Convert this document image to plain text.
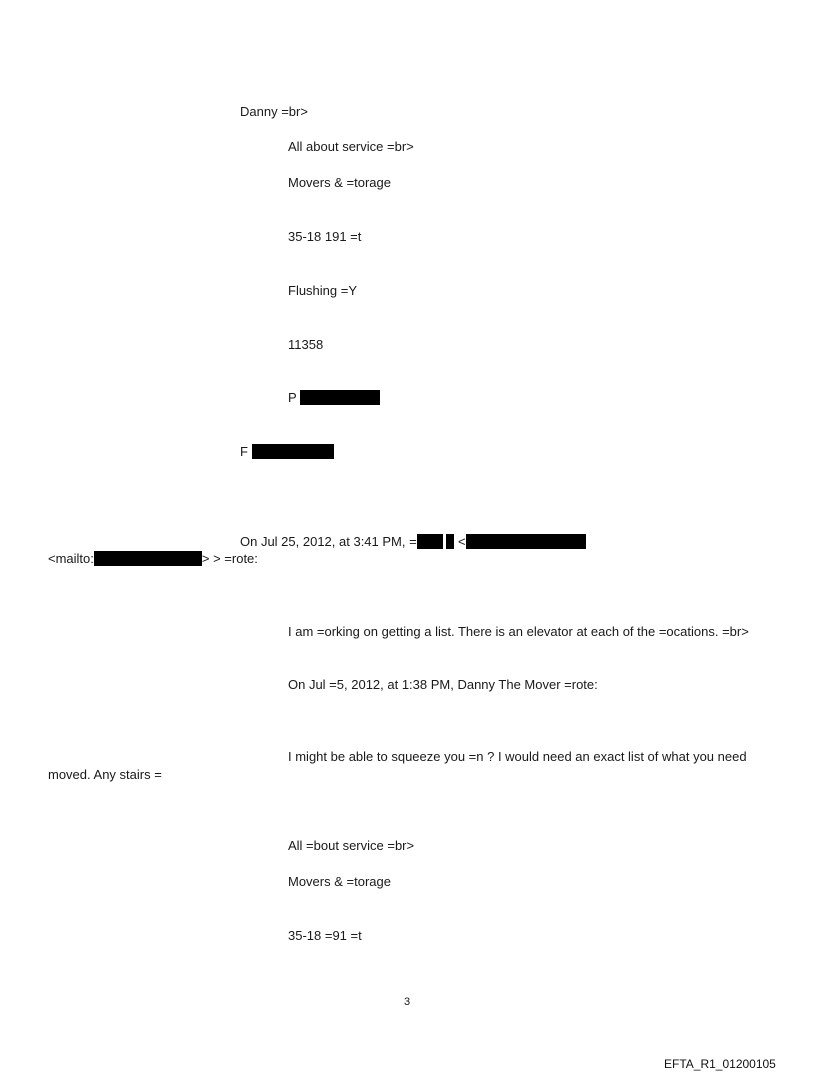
Danny =br>
All about service =br>
Movers & =torage
35-18 191 =t
Flushing =Y
11358
P
F
On Jul 25, 2012, at 3:41 PM, =	<
<mailto:	> > =rote:
I am =orking on getting a list. There is an elevator at each of the =ocations. =br>
On Jul =5, 2012, at 1:38 PM, Danny The Mover =rote:
I might be able to squeeze you =n ? I would need an exact list of what you need
moved. Any stairs =
All =bout service =br>
Movers & =torage
35-18 =91 =t
3
EFTA_R1_01200105
